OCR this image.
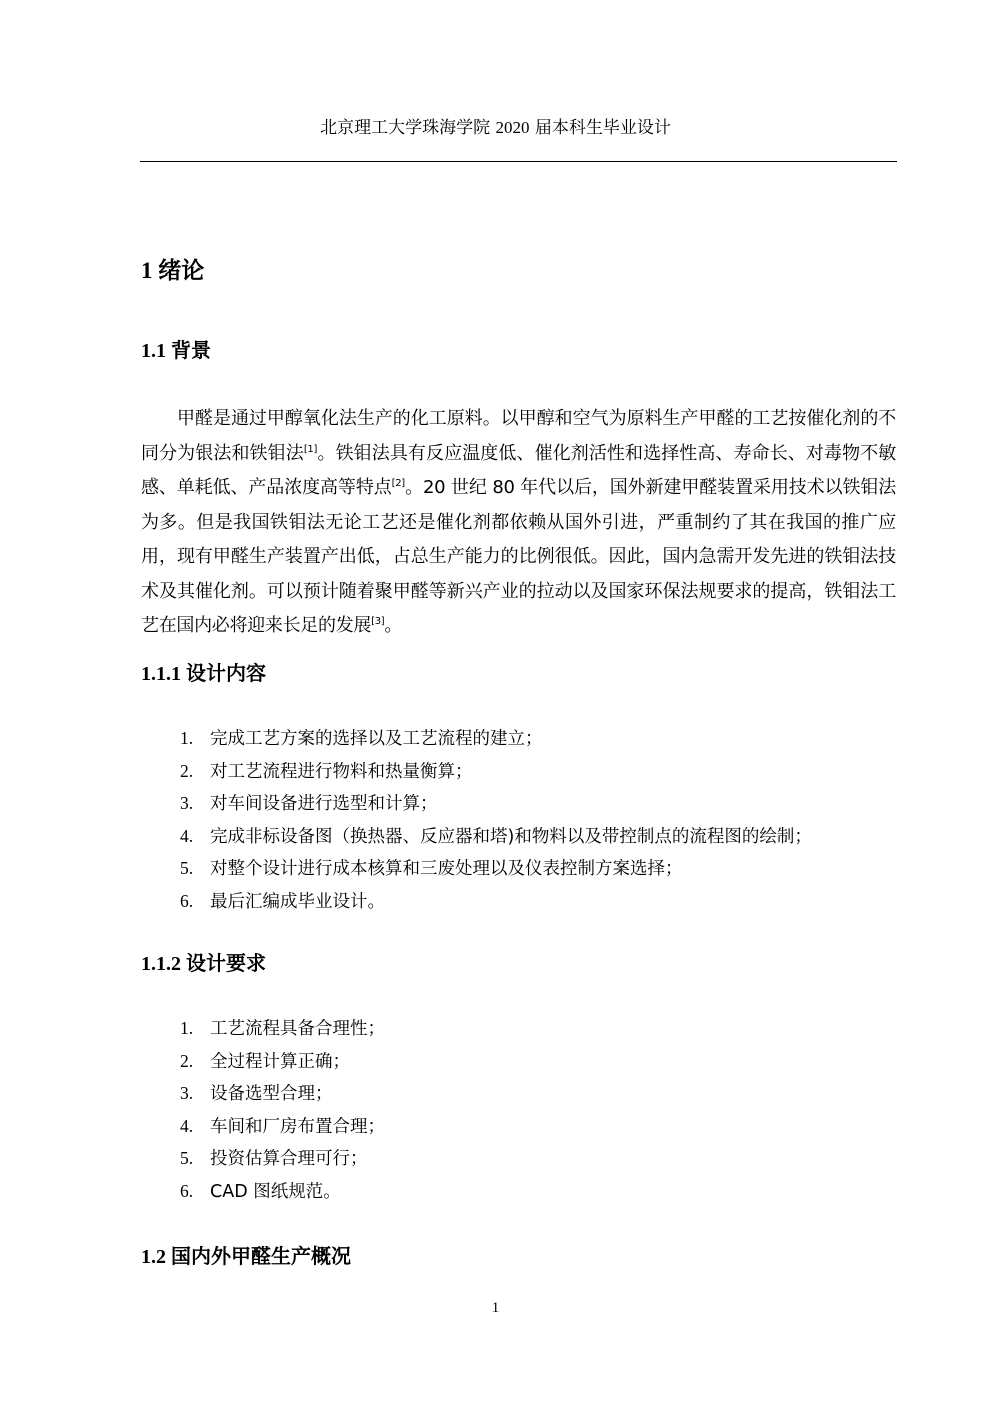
北京理工大学珠海学院 2020 届本科生毕业设计
1 绪论
1.1 背景
甲醛是通过甲醇氧化法生产的化工原料。以甲醇和空气为原料生产甲醛的工艺按催化剂的不同分为银法和铁钼法[1]。铁钼法具有反应温度低、催化剂活性和选择性高、寿命长、对毒物不敏感、单耗低、产品浓度高等特点[2]。20 世纪 80 年代以后，国外新建甲醛装置采用技术以铁钼法为多。但是我国铁钼法无论工艺还是催化剂都依赖从国外引进，严重制约了其在我国的推广应用，现有甲醛生产装置产出低，占总生产能力的比例很低。因此，国内急需开发先进的铁钼法技术及其催化剂。可以预计随着聚甲醛等新兴产业的拉动以及国家环保法规要求的提高，铁钼法工艺在国内必将迎来长足的发展[3]。
1.1.1 设计内容
1. 完成工艺方案的选择以及工艺流程的建立；
2. 对工艺流程进行物料和热量衡算；
3. 对车间设备进行选型和计算；
4. 完成非标设备图（换热器、反应器和塔)和物料以及带控制点的流程图的绘制；
5. 对整个设计进行成本核算和三废处理以及仪表控制方案选择；
6. 最后汇编成毕业设计。
1.1.2 设计要求
1. 工艺流程具备合理性；
2. 全过程计算正确；
3. 设备选型合理；
4. 车间和厂房布置合理；
5. 投资估算合理可行；
6. CAD 图纸规范。
1.2 国内外甲醛生产概况
1
